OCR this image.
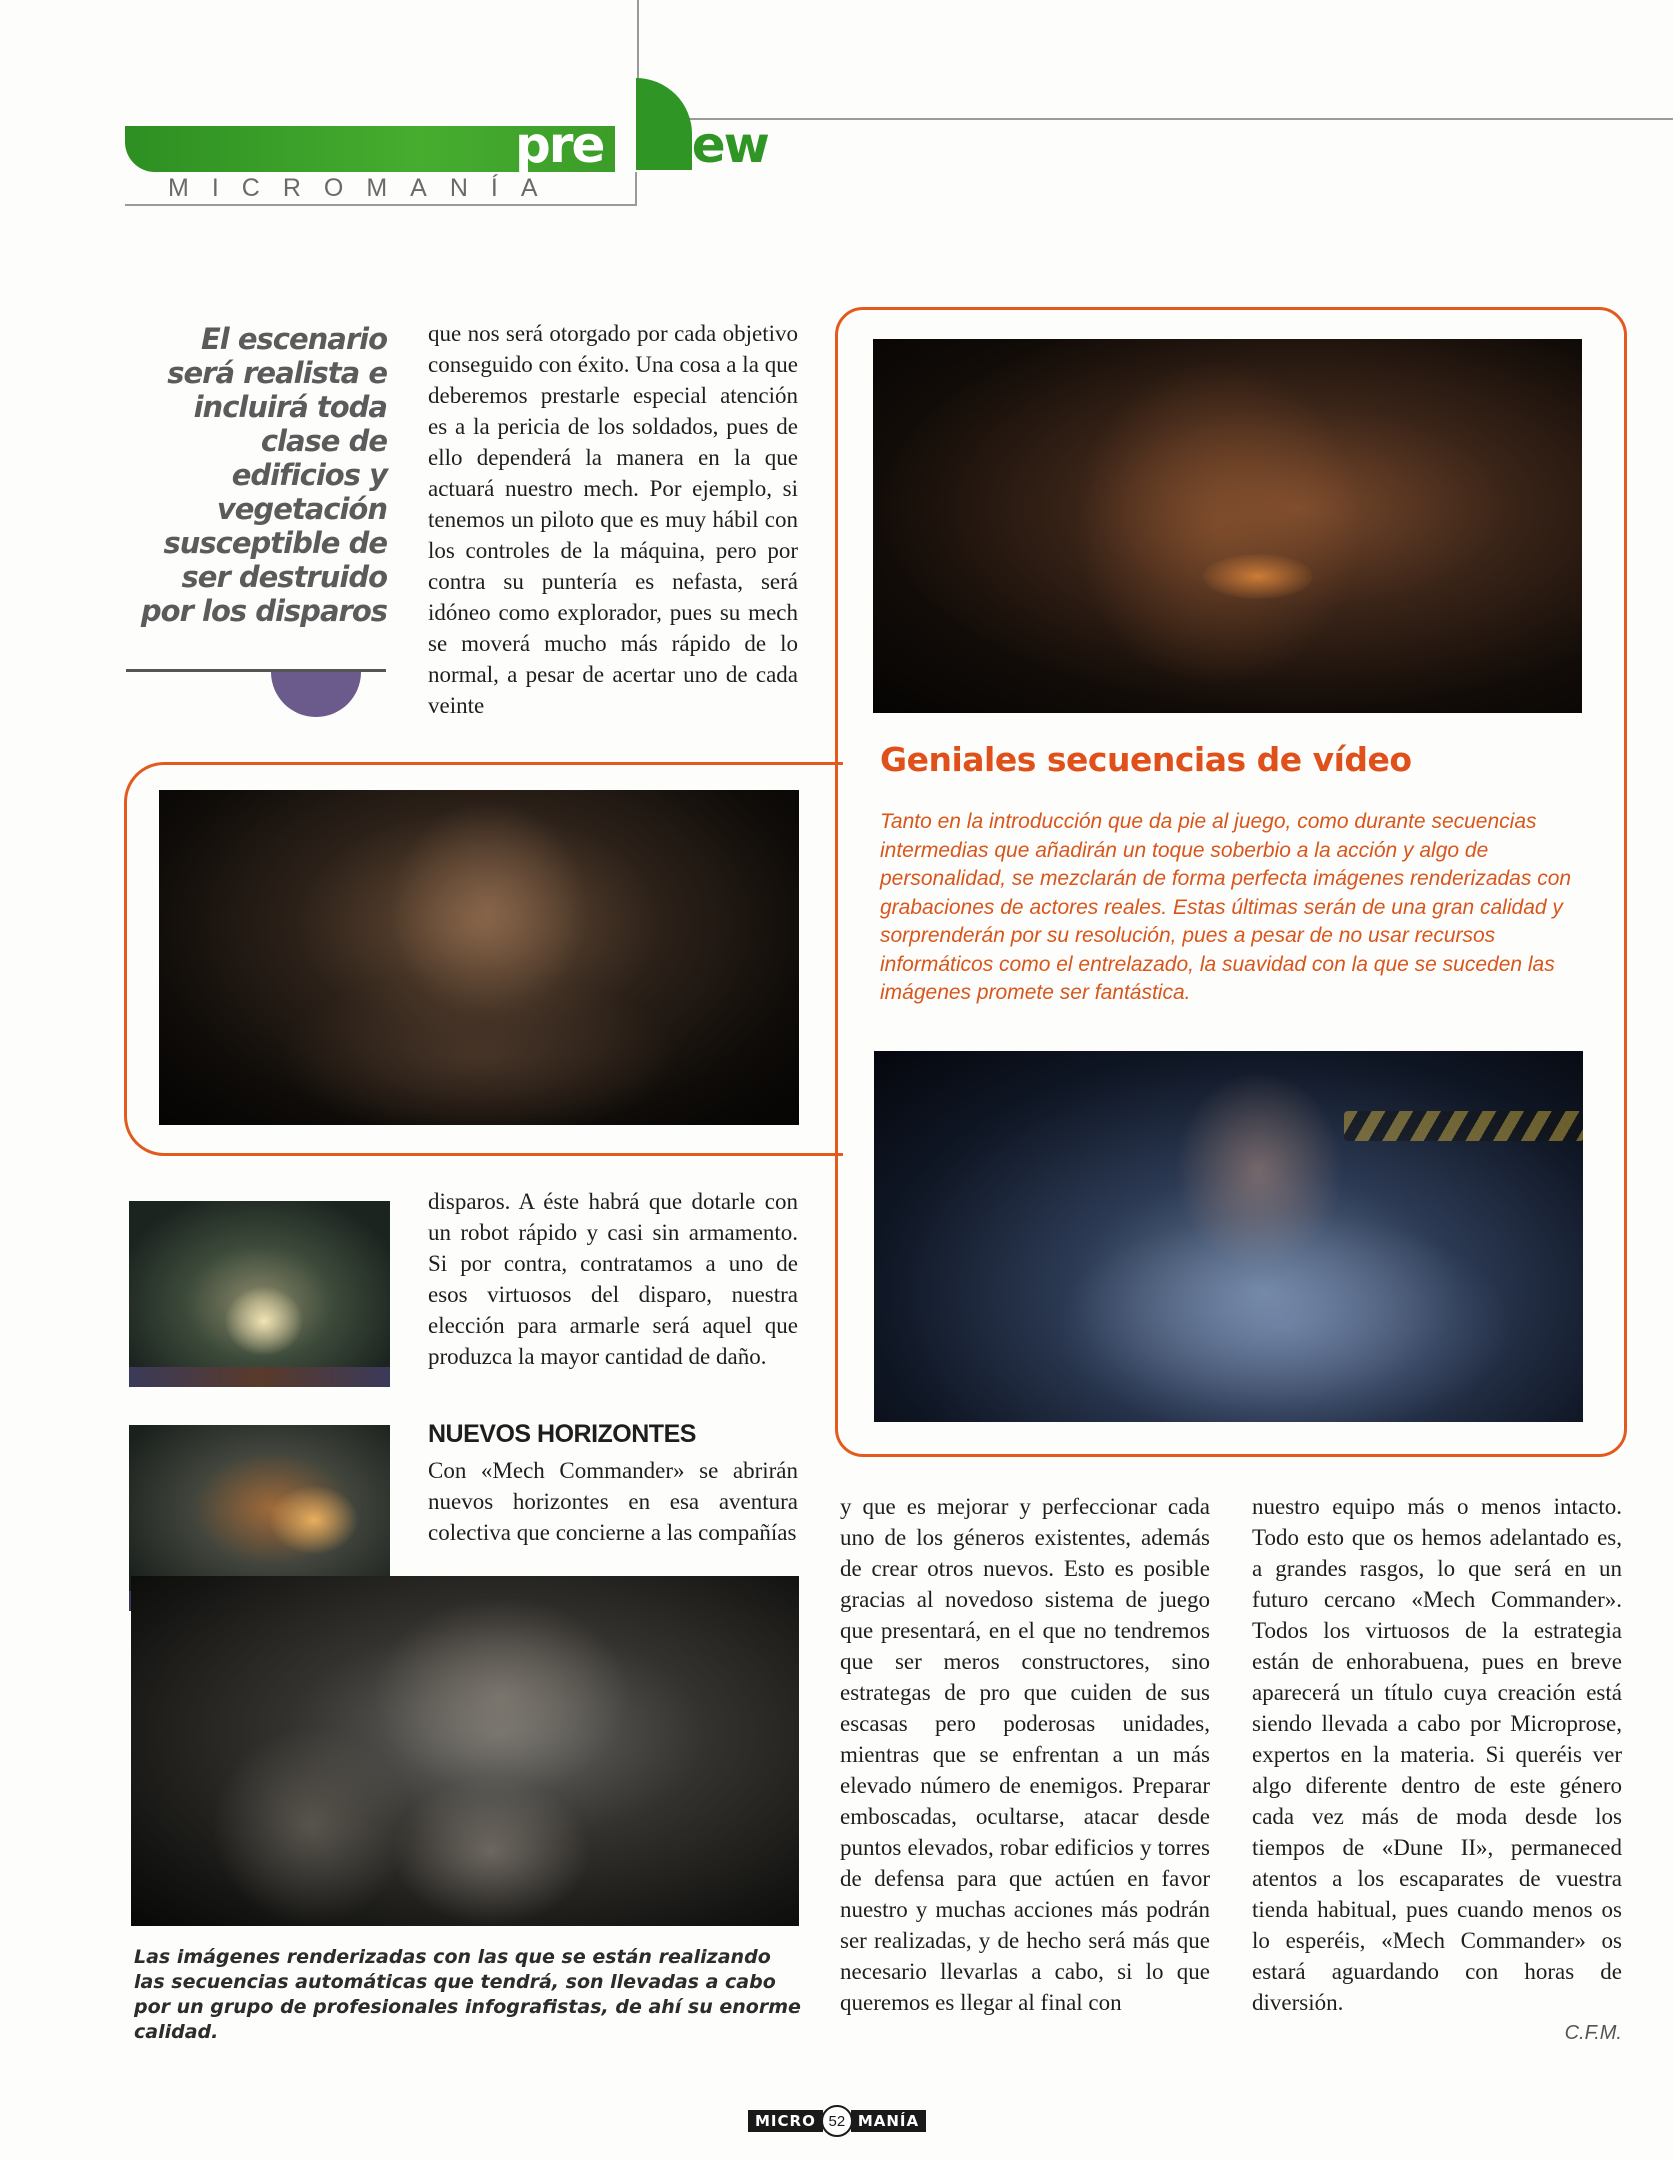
pre view
MICROMANÍA
El escenario será realista e incluirá toda clase de edificios y vegetación susceptible de ser destruido por los disparos
Geniales secuencias de vídeo

Tanto en la introducción que da pie al juego, como durante secuencias intermedias que añadirán un toque soberbio a la acción y algo de personalidad, se mezclarán de forma perfecta imágenes renderizadas con grabaciones de actores reales. Estas últimas serán de una gran calidad y sorprenderán por su resolución, pues a pesar de no usar recursos informáticos como el entrelazado, la suavidad con la que se suceden las imágenes promete ser fantástica.

que nos será otorgado por cada objetivo conseguido con éxito. Una cosa a la que deberemos prestarle especial atención es a la pericia de los soldados, pues de ello dependerá la manera en la que actuará nuestro mech. Por ejemplo, si tenemos un piloto que es muy hábil con los controles de la máquina, pero por contra su puntería es nefasta, será idóneo como explorador, pues su mech se moverá mucho más rápido de lo normal, a pesar de acertar uno de cada veinte

disparos. A éste habrá que dotarle con un robot rápido y casi sin armamento. Si por contra, contratamos a uno de esos virtuosos del disparo, nuestra elección para armarle será aquel que produzca la mayor cantidad de daño.

NUEVOS HORIZONTES

Con «Mech Commander» se abrirán nuevos horizontes en esa aventura colectiva que concierne a las compañías

y que es mejorar y perfeccionar cada uno de los géneros existentes, además de crear otros nuevos. Esto es posible gracias al novedoso sistema de juego que presentará, en el que no tendremos que ser meros constructores, sino estrategas de pro que cuiden de sus escasas pero poderosas unidades, mientras que se enfrentan a un más elevado número de enemigos. Preparar emboscadas, ocultarse, atacar desde puntos elevados, robar edificios y torres de defensa para que actúen en favor nuestro y muchas acciones más podrán ser realizadas, y de hecho será más que necesario llevarlas a cabo, si lo que queremos es llegar al final con

nuestro equipo más o menos intacto. Todo esto que os hemos adelantado es, a grandes rasgos, lo que será en un futuro cercano «Mech Commander». Todos los virtuosos de la estrategia están de enhorabuena, pues en breve aparecerá un título cuya creación está siendo llevada a cabo por Microprose, expertos en la materia. Si queréis ver algo diferente dentro de este género cada vez más de moda desde los tiempos de «Dune II», permaneced atentos a los escaparates de vuestra tienda habitual, pues cuando menos os lo esperéis, «Mech Commander» os estará aguardando con horas de diversión.

C.F.M.

Las imágenes renderizadas con las que se están realizando las secuencias automáticas que tendrá, son llevadas a cabo por un grupo de profesionales infografistas, de ahí su enorme calidad.

MICRO 52 MANÍA
